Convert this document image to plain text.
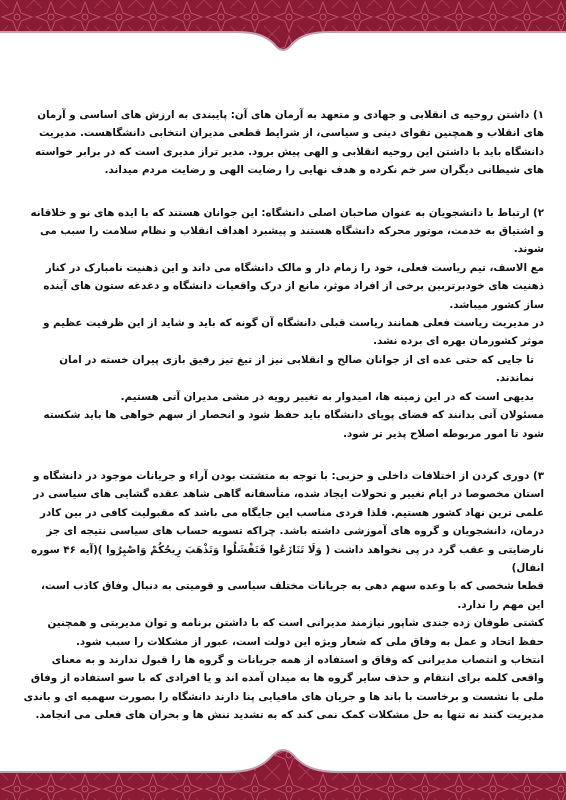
۱) داشتن روحیه ی انقلابی و جهادی و متعهد به آرمان های آن: پایبندی به ارزش های اساسی و آرمان های انقلاب و همچنین تقوای دینی و سیاسی، از شرایط قطعی مدیران انتخابی دانشگاهست. مدیریت دانشگاه باید با داشتن این روحیه انقلابی و الهی پیش برود. مدیر تراز مدیری است که در برابر خواسته های شیطانی دیگران سر خم نکرده و هدف نهایی را رضایت الهی و رضایت مردم میداند.

۲) ارتباط با دانشجویان به عنوان صاحبان اصلی دانشگاه: این جوانان هستند که با ایده های نو و خلاقانه و اشتیاق به خدمت، موتور محرکه دانشگاه هستند و پیشبرد اهداف انقلاب و نظام سلامت را سبب می شوند.

مع الاسف، تیم ریاست فعلی، خود را زمام دار و مالک دانشگاه می داند و این ذهنیت نامبارک در کنار ذهنیت های خودبرتربین برخی از افراد موثر، مانع از درک واقعیات دانشگاه و دغدغه ستون های آینده ساز کشور میباشد.

در مدیریت ریاست فعلی همانند ریاست قبلی دانشگاه آن گونه که باید و شاید از این ظرفیت عظیم و موثر کشورمان بهره ای برده نشد.

تا جایی که حتی عده ای از جوانان صالح و انقلابی نیز از تیغ تیز رفیق بازی پیران خسته در امان نماندند.

بدیهی است که در این زمینه ها، امیدوار به تغییر رویه در مشی مدیران آتی هستیم.

مسئولان آتی بدانند که فضای پویای دانشگاه باید حفظ شود و انحصار از سهم خواهی ها باید شکسته شود تا امور مربوطه اصلاح پذیر تر شود.

۳) دوری کردن از اختلافات داخلی و حزبی: با توجه به متشتت بودن آراء و جریانات موجود در دانشگاه و استان مخصوصا در ایام تغییر و تحولات ایجاد شده، متأسفانه گاهی شاهد عقده گشایی های سیاسی در علمی ترین نهاد کشور هستیم. فلذا فردی مناسب این جایگاه می باشد که مقبولیت کافی در بین کادر درمان، دانشجویان و گروه های آموزشی داشته باشد. چراکه تسویه حساب های سیاسی نتیجه ای جز نارضایتی و عقب گرد در پی نخواهد داشت ( وَلَا تَنَازَعُوا فَتَفْشَلُوا وَتَذْهَبَ رِيحُكُمْ وَاصْبِرُوا )(آیه ۴۶ سوره انفال)

قطعا شخصی که با وعده سهم دهی به جریانات مختلف سیاسی و قومیتی به دنبال وفاق کاذب است، این مهم را ندارد.

کشتی طوفان زده جندی شاپور نیازمند مدیرانی است که با داشتن برنامه و توان مدیربتی و همچنین حفظ اتحاد و عمل به وفاق ملی که شعار ویژه این دولت است، عبور از مشکلات را سبب شود.

انتخاب و انتصاب مدیرانی که وفاق و استفاده از همه جریانات و گروه ها را قبول ندارند و به معنای واقعی کلمه برای انتقام و حذف سایر گروه ها به میدان آمده اند و یا افرادی که با سو استفاده از وفاق ملی با نشست و برخاست با باند ها و جریان های مافیایی پنا دارند دانشگاه را بصورت سهمیه ای و باندی مدیریت کنند نه تنها به حل مشکلات کمک نمی کند که به تشدید تنش ها و بحران های فعلی می انجامد.
